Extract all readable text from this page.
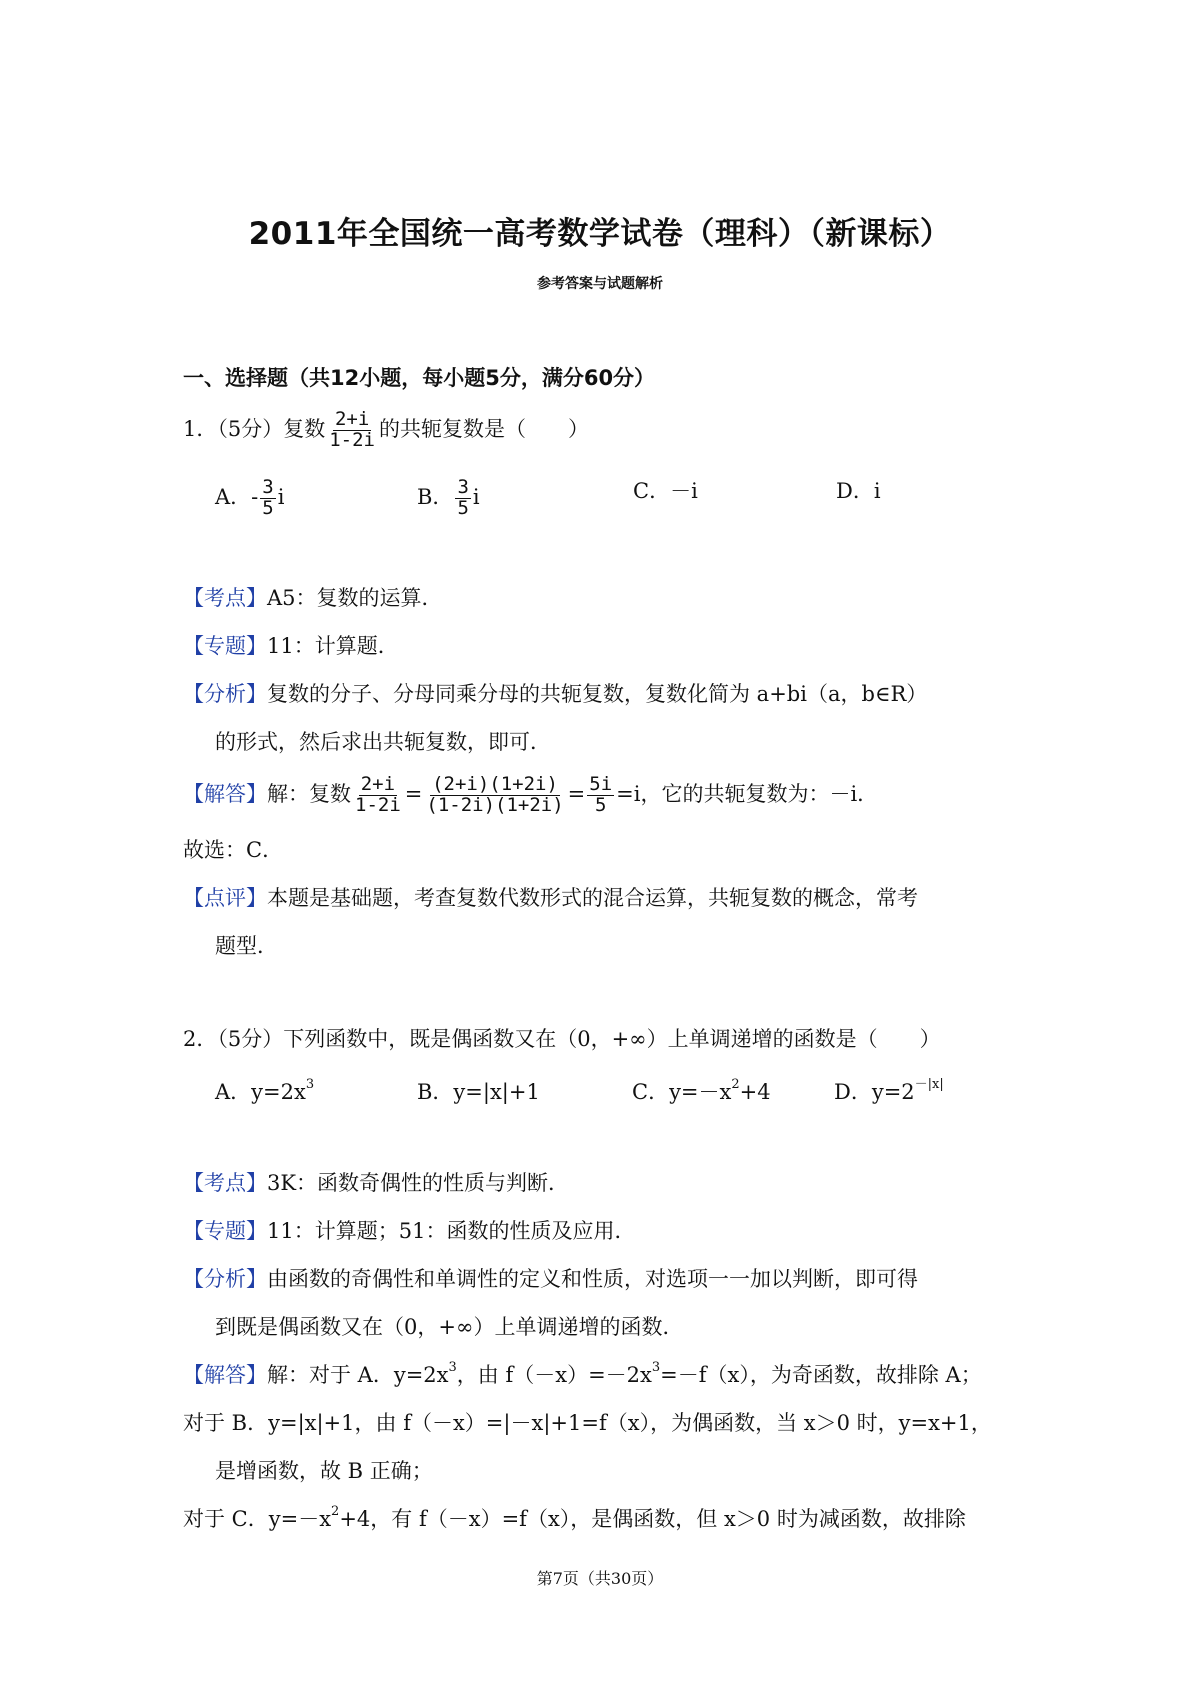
2011年全国统一高考数学试卷（理科）（新课标）
参考答案与试题解析
一、选择题（共12小题，每小题5分，满分60分）
1．（5分）复数 $\frac{2+i}{1-2i}$ 的共轭复数是（　　）
A．- $\frac{3}{5}$ i	B． $\frac{3}{5}$ i	C．－i	D．i
【考点】A5：复数的运算．
【专题】11：计算题．
【分析】复数的分子、分母同乘分母的共轭复数，复数化简为 a+bi（a，b∈R）
的形式，然后求出共轭复数，即可．
【解答】解：复数 $\frac{2+i}{1-2i} = \frac{(2+i)(1+2i)}{(1-2i)(1+2i)} = \frac{5i}{5} =i$，它的共轭复数为：－i．
故选：C．
【点评】本题是基础题，考查复数代数形式的混合运算，共轭复数的概念，常考
题型．
2．（5分）下列函数中，既是偶函数又在（0，+∞）上单调递增的函数是（　　）
A．$y=2x^3$	B．y=|x|+1	C．$y=-x^2+4$	D．$y=2^{-|x|}$
【考点】3K：函数奇偶性的性质与判断．
【专题】11：计算题；51：函数的性质及应用．
【分析】由函数的奇偶性和单调性的定义和性质，对选项一一加以判断，即可得
到既是偶函数又在（0，+∞）上单调递增的函数．
【解答】解：对于 A．$y=2x^3$，由 $f(-x)=-2x^3=-f(x)$，为奇函数，故排除 A；
对于 B．y=|x|+1，由 f（－x）=|－x|+1=f（x），为偶函数，当 x＞0 时，y=x+1，
是增函数，故 B 正确；
对于 C．$y=-x^2+4$，有 f（－x）=f（x），是偶函数，但 x＞0 时为减函数，故排除
第7页（共30页）
